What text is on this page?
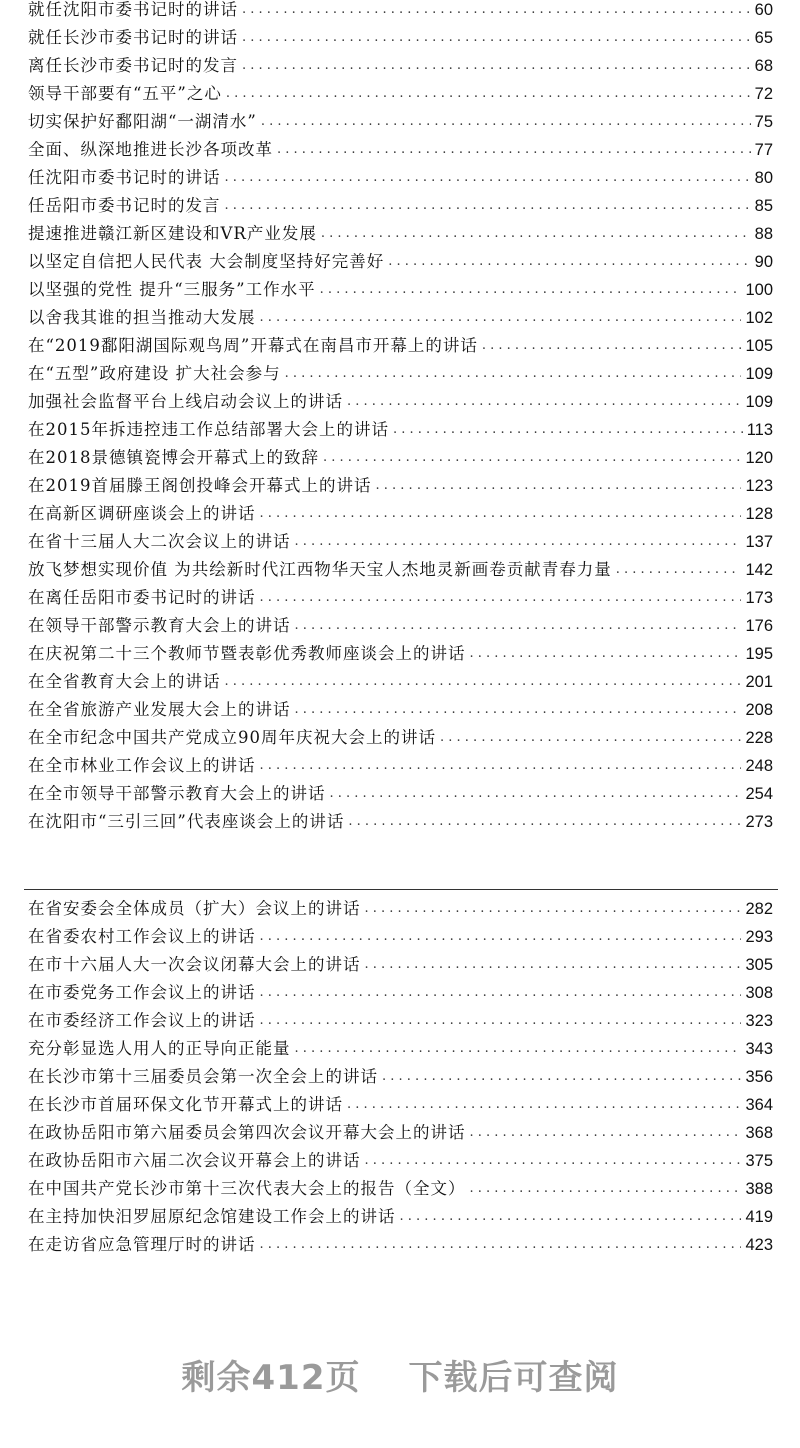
就任沈阳市委书记时的讲话 . . .	60
就任长沙市委书记时的讲话 . . .	65
离任长沙市委书记时的发言 . . .	68
领导干部要有“五平”之心 . . .	72
切实保护好鄱阳湖“一湖清水” . . .	75
全面、纵深地推进长沙各项改革 . . .	77
任沈阳市委书记时的讲话 . . .	80
任岳阳市委书记时的发言 . . .	85
提速推进赣江新区建设和VR产业发展 . . .	88
以坚定自信把人民代表 大会制度坚持好完善好 . . .	90
以坚强的党性 提升“三服务”工作水平 . . .	100
以舍我其谁的担当推动大发展 . . .	102
在“2019鄱阳湖国际观鸟周”开幕式在南昌市开幕上的讲话 . . .	105
在“五型”政府建设 扩大社会参与 . . .	109
加强社会监督平台上线启动会议上的讲话 . . .	109
在2015年拆违控违工作总结部署大会上的讲话 . . .	113
在2018景德镇瓷博会开幕式上的致辞 . . .	120
在2019首届滕王阁创投峰会开幕式上的讲话 . . .	123
在高新区调研座谈会上的讲话 . . .	128
在省十三届人大二次会议上的讲话 . . .	137
放飞梦想实现价值 为共绘新时代江西物华天宝人杰地灵新画卷贡献青春力量 . . .	142
在离任岳阳市委书记时的讲话 . . .	173
在领导干部警示教育大会上的讲话 . . .	176
在庆祝第二十三个教师节暨表彰优秀教师座谈会上的讲话 . . .	195
在全省教育大会上的讲话 . . .	201
在全省旅游产业发展大会上的讲话 . . .	208
在全市纪念中国共产党成立90周年庆祝大会上的讲话 . . .	228
在全市林业工作会议上的讲话 . . .	248
在全市领导干部警示教育大会上的讲话 . . .	254
在沈阳市“三引三回”代表座谈会上的讲话 . . .	273
在省安委会全体成员（扩大）会议上的讲话 . . .	282
在省委农村工作会议上的讲话 . . .	293
在市十六届人大一次会议闭幕大会上的讲话 . . .	305
在市委党务工作会议上的讲话 . . .	308
在市委经济工作会议上的讲话 . . .	323
充分彰显选人用人的正导向正能量 . . .	343
在长沙市第十三届委员会第一次全会上的讲话 . . .	356
在长沙市首届环保文化节开幕式上的讲话 . . .	364
在政协岳阳市第六届委员会第四次会议开幕大会上的讲话 . . .	368
在政协岳阳市六届二次会议开幕会上的讲话 . . .	375
在中国共产党长沙市第十三次代表大会上的报告（全文） . . .	388
在主持加快汨罗屈原纪念馆建设工作会上的讲话 . . .	419
在走访省应急管理厅时的讲话 . . .	423
剩余412页 下载后可查阅
